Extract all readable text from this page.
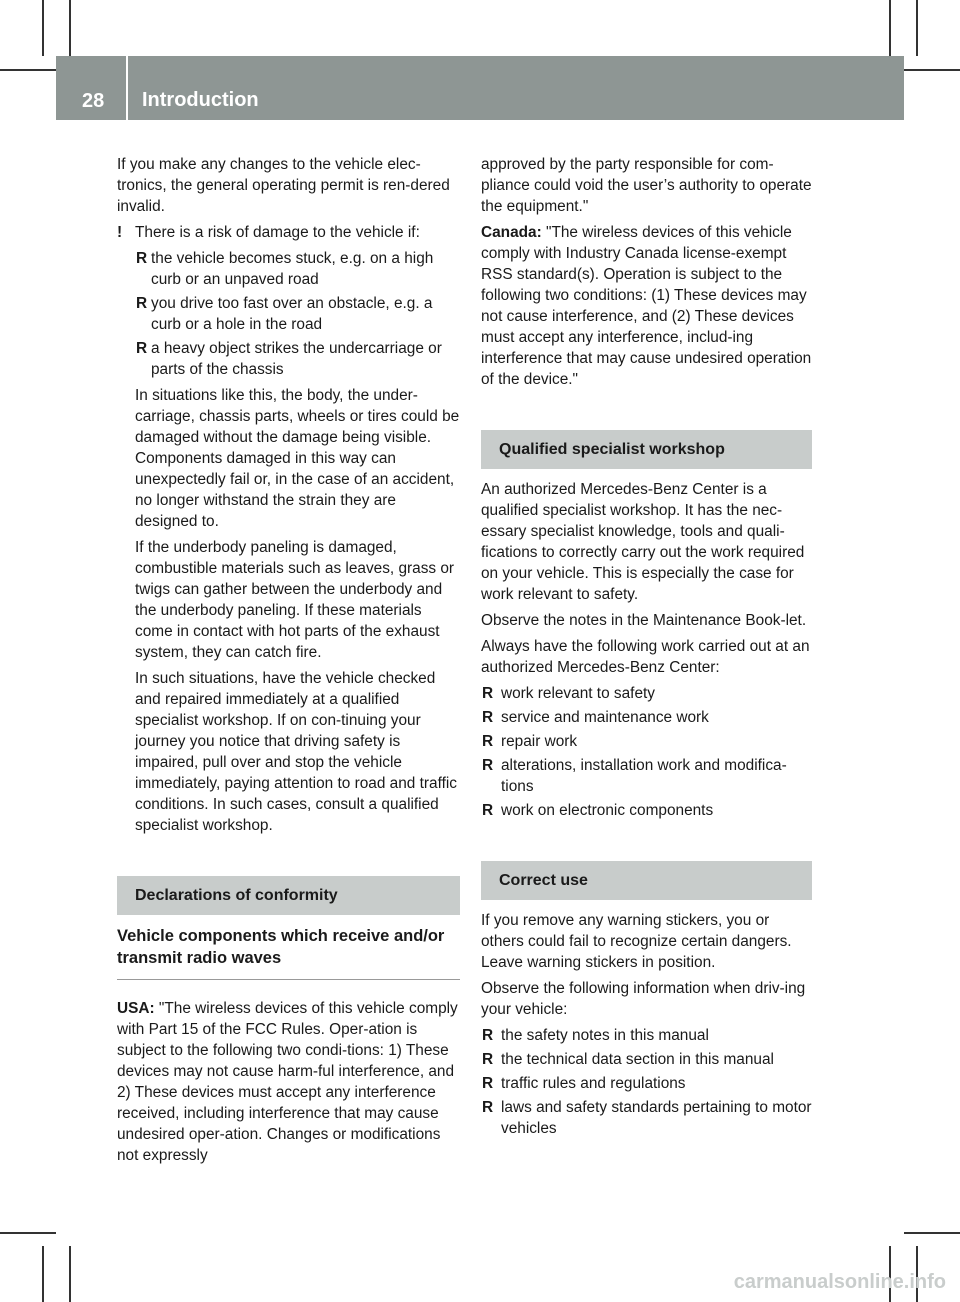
28 Introduction

If you make any changes to the vehicle elec-tronics, the general operating permit is ren-dered invalid.

! There is a risk of damage to the vehicle if:

R the vehicle becomes stuck, e.g. on a high curb or an unpaved road
R you drive too fast over an obstacle, e.g. a curb or a hole in the road
R a heavy object strikes the undercarriage or parts of the chassis

In situations like this, the body, the under-carriage, chassis parts, wheels or tires could be damaged without the damage being visible. Components damaged in this way can unexpectedly fail or, in the case of an accident, no longer withstand the strain they are designed to.

If the underbody paneling is damaged, combustible materials such as leaves, grass or twigs can gather between the underbody and the underbody paneling. If these materials come in contact with hot parts of the exhaust system, they can catch fire.

In such situations, have the vehicle checked and repaired immediately at a qualified specialist workshop. If on con-tinuing your journey you notice that driving safety is impaired, pull over and stop the vehicle immediately, paying attention to road and traffic conditions. In such cases, consult a qualified specialist workshop.

Declarations of conformity
Vehicle components which receive and/or transmit radio waves

USA: "The wireless devices of this vehicle comply with Part 15 of the FCC Rules. Oper-ation is subject to the following two condi-tions: 1) These devices may not cause harm-ful interference, and 2) These devices must accept any interference received, including interference that may cause undesired oper-ation. Changes or modifications not expressly

approved by the party responsible for com-pliance could void the user’s authority to operate the equipment."

Canada: "The wireless devices of this vehicle comply with Industry Canada license-exempt RSS standard(s). Operation is subject to the following two conditions: (1) These devices may not cause interference, and (2) These devices must accept any interference, includ-ing interference that may cause undesired operation of the device."

Qualified specialist workshop

An authorized Mercedes-Benz Center is a qualified specialist workshop. It has the nec-essary specialist knowledge, tools and quali-fications to correctly carry out the work required on your vehicle. This is especially the case for work relevant to safety.

Observe the notes in the Maintenance Book-let.

Always have the following work carried out at an authorized Mercedes-Benz Center:

R work relevant to safety
R service and maintenance work
R repair work
R alterations, installation work and modifica-tions
R work on electronic components
Correct use

If you remove any warning stickers, you or others could fail to recognize certain dangers. Leave warning stickers in position.

Observe the following information when driv-ing your vehicle:

R the safety notes in this manual
R the technical data section in this manual
R traffic rules and regulations
R laws and safety standards pertaining to motor vehicles
carmanualsonline.info
